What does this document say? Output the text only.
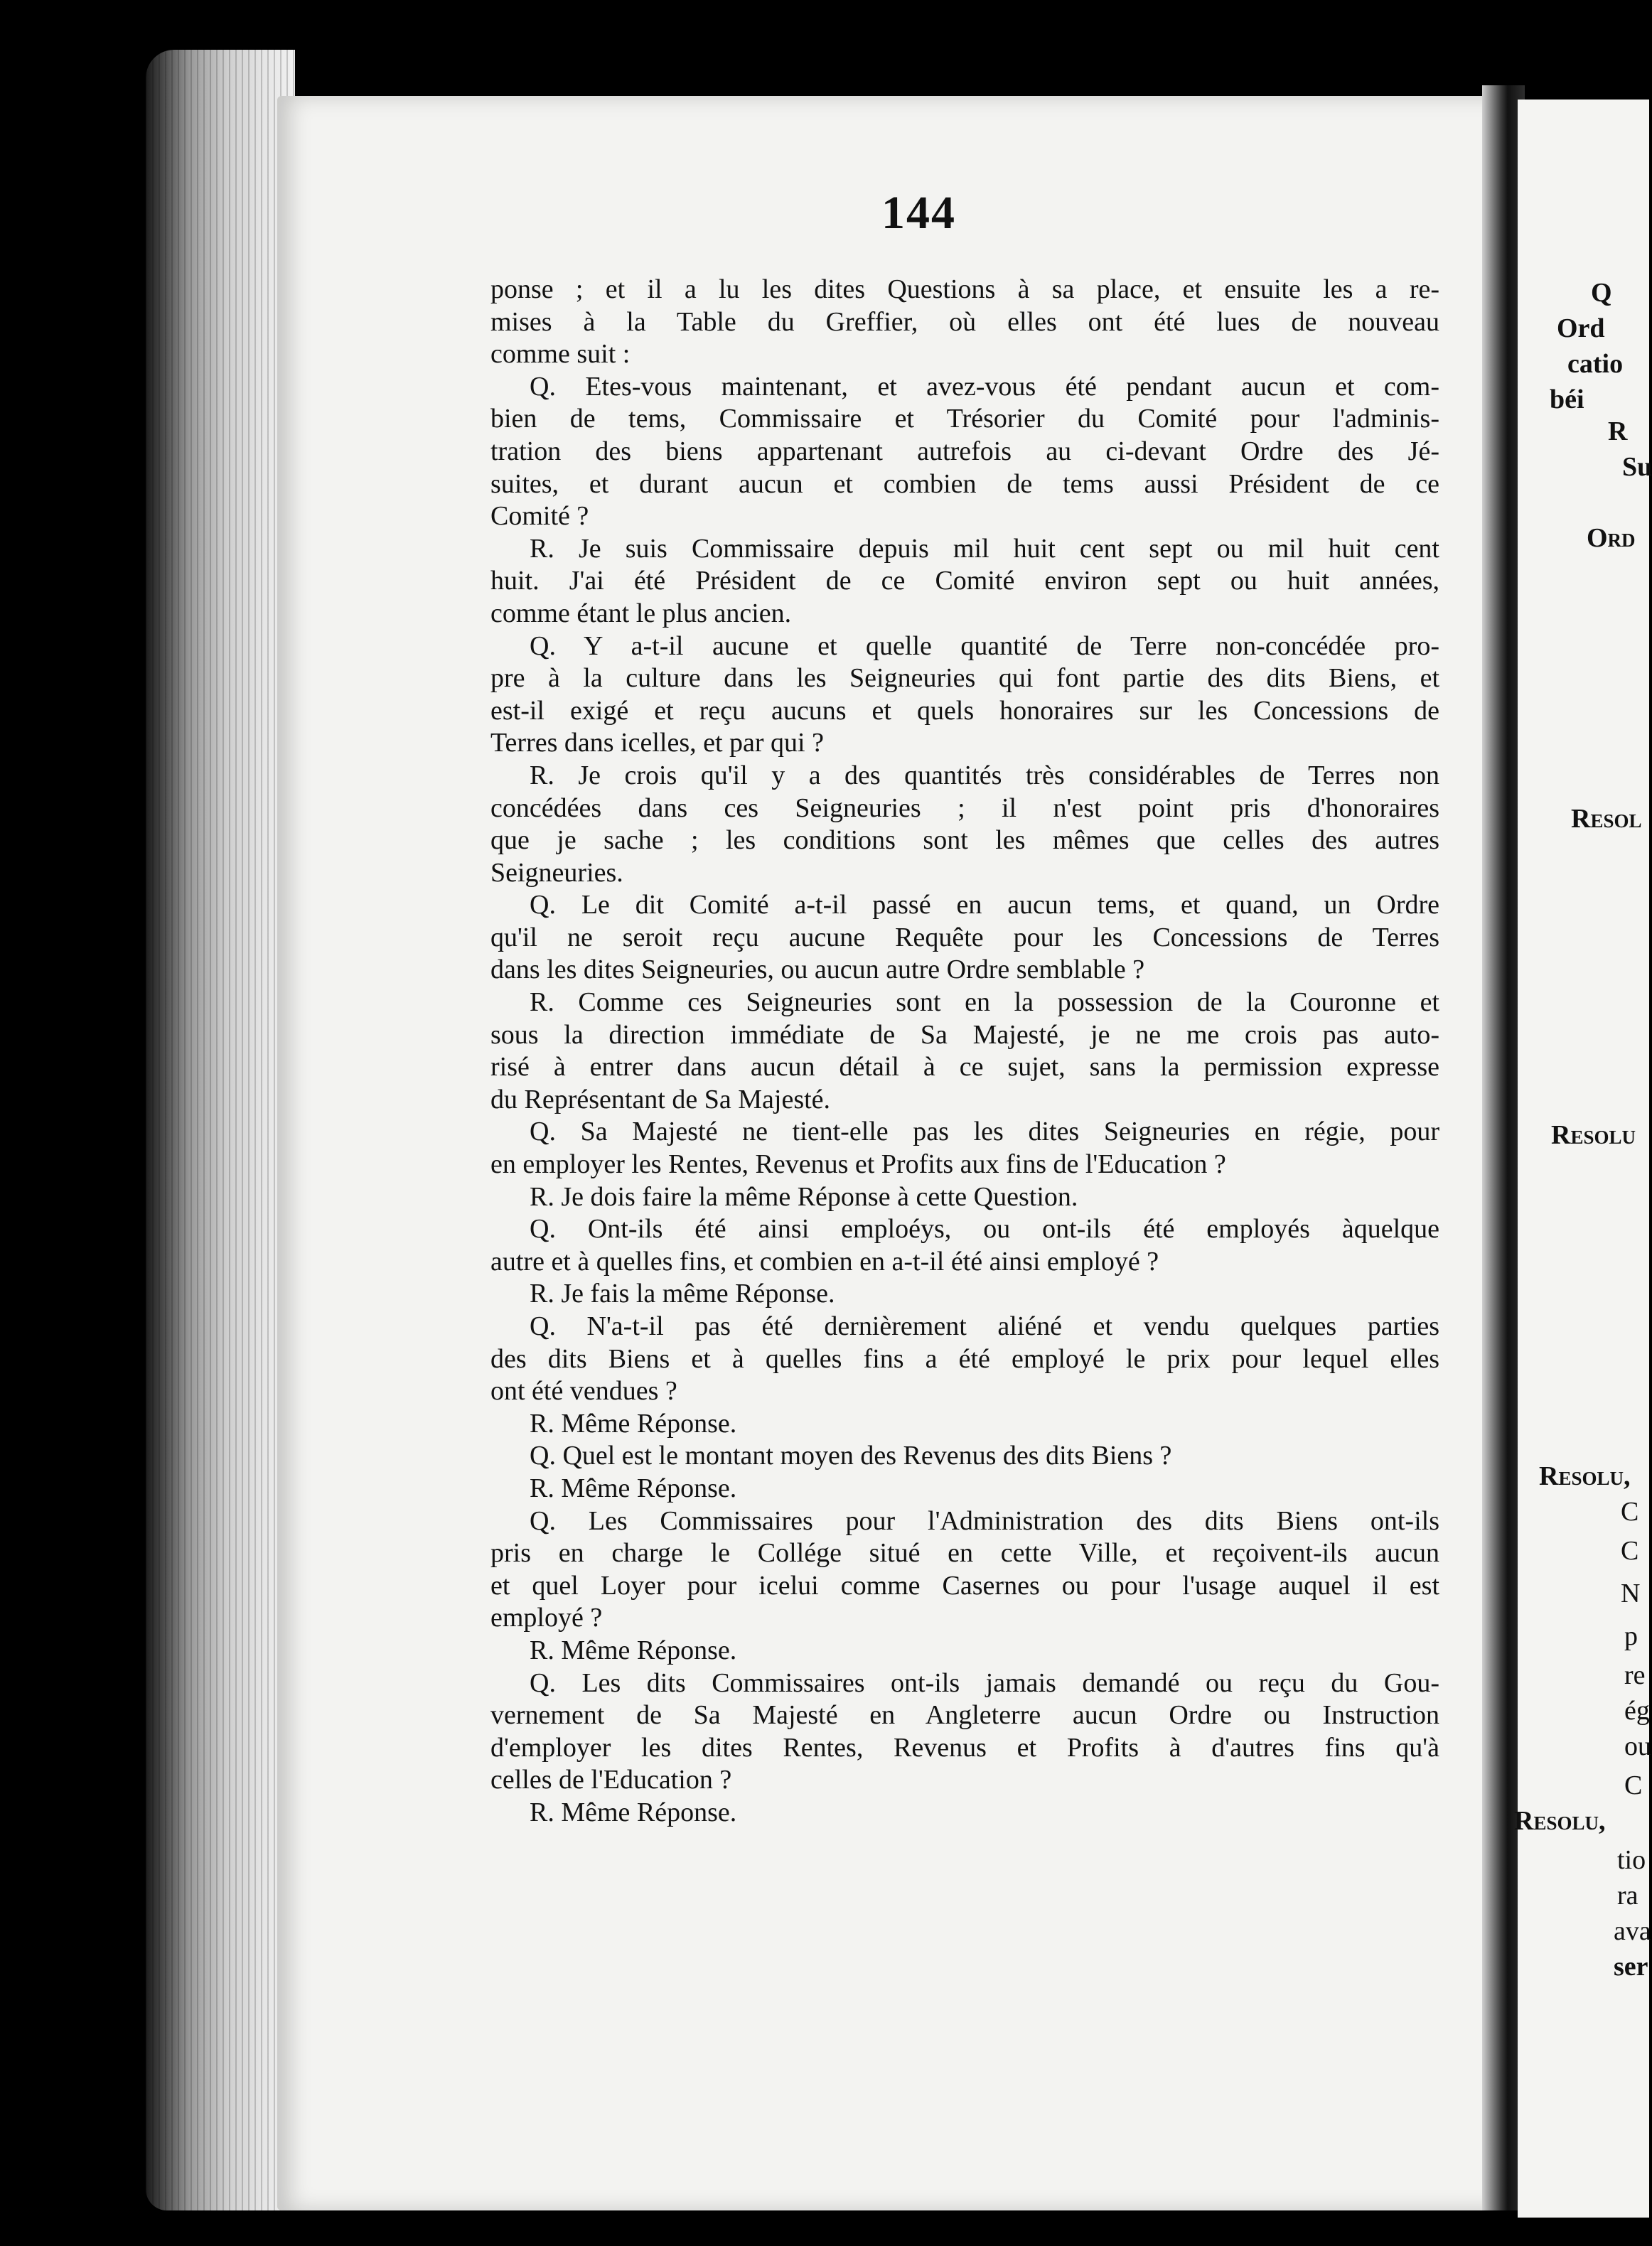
144
ponse ; et il a lu les dites Questions à sa place, et ensuite les a re-
mises à la Table du Greffier, où elles ont été lues de nouveau
comme suit :
Q. Etes-vous maintenant, et avez-vous été pendant aucun et com-
bien de tems, Commissaire et Trésorier du Comité pour l'adminis-
tration des biens appartenant autrefois au ci-devant Ordre des Jé-
suites, et durant aucun et combien de tems aussi Président de ce
Comité ?
R. Je suis Commissaire depuis mil huit cent sept ou mil huit cent
huit. J'ai été Président de ce Comité environ sept ou huit années,
comme étant le plus ancien.
Q. Y a-t-il aucune et quelle quantité de Terre non-concédée pro-
pre à la culture dans les Seigneuries qui font partie des dits Biens, et
est-il exigé et reçu aucuns et quels honoraires sur les Concessions de
Terres dans icelles, et par qui ?
R. Je crois qu'il y a des quantités très considérables de Terres non
concédées dans ces Seigneuries ; il n'est point pris d'honoraires
que je sache ; les conditions sont les mêmes que celles des autres
Seigneuries.
Q. Le dit Comité a-t-il passé en aucun tems, et quand, un Ordre
qu'il ne seroit reçu aucune Requête pour les Concessions de Terres
dans les dites Seigneuries, ou aucun autre Ordre semblable ?
R. Comme ces Seigneuries sont en la possession de la Couronne et
sous la direction immédiate de Sa Majesté, je ne me crois pas auto-
risé à entrer dans aucun détail à ce sujet, sans la permission expresse
du Représentant de Sa Majesté.
Q. Sa Majesté ne tient-elle pas les dites Seigneuries en régie, pour
en employer les Rentes, Revenus et Profits aux fins de l'Education ?
R. Je dois faire la même Réponse à cette Question.
Q. Ont-ils été ainsi emploéys, ou ont-ils été employés àquelque
autre et à quelles fins, et combien en a-t-il été ainsi employé ?
R. Je fais la même Réponse.
Q. N'a-t-il pas été dernièrement aliéné et vendu quelques parties
des dits Biens et à quelles fins a été employé le prix pour lequel elles
ont été vendues ?
R. Même Réponse.
Q. Quel est le montant moyen des Revenus des dits Biens ?
R. Même Réponse.
Q. Les Commissaires pour l'Administration des dits Biens ont-ils
pris en charge le Collége situé en cette Ville, et reçoivent-ils aucun
et quel Loyer pour icelui comme Casernes ou pour l'usage auquel il est
employé ?
R. Même Réponse.
Q. Les dits Commissaires ont-ils jamais demandé ou reçu du Gou-
vernement de Sa Majesté en Angleterre aucun Ordre ou Instruction
d'employer les dites Rentes, Revenus et Profits à d'autres fins qu'à
celles de l'Education ?
R. Même Réponse.
Q
Ord
catio
béi
R
Su
Ord
Resol
Resolu
Resolu,
C
C
N
p
re
ég
ou
C
Resolu,
tio
ra
ava
ser
